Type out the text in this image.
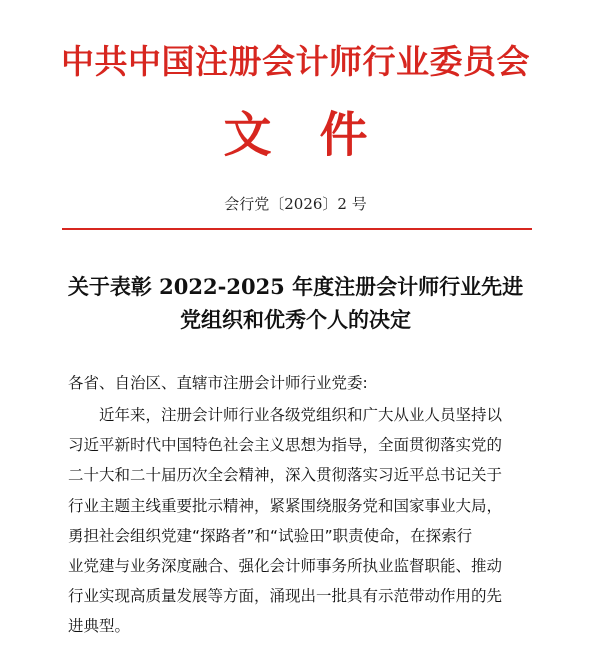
中共中国注册会计师行业委员会
文　件
会行党〔2026〕2 号
关于表彰 2022-2025 年度注册会计师行业先进
党组织和优秀个人的决定
各省、自治区、直辖市注册会计师行业党委:
　　近年来，注册会计师行业各级党组织和广大从业人员坚持以
习近平新时代中国特色社会主义思想为指导，全面贯彻落实党的
二十大和二十届历次全会精神，深入贯彻落实习近平总书记关于
行业主题主线重要批示精神，紧紧围绕服务党和国家事业大局，
勇担社会组织党建“探路者”和“试验田”职责使命，在探索行
业党建与业务深度融合、强化会计师事务所执业监督职能、推动
行业实现高质量发展等方面，涌现出一批具有示范带动作用的先
进典型。
